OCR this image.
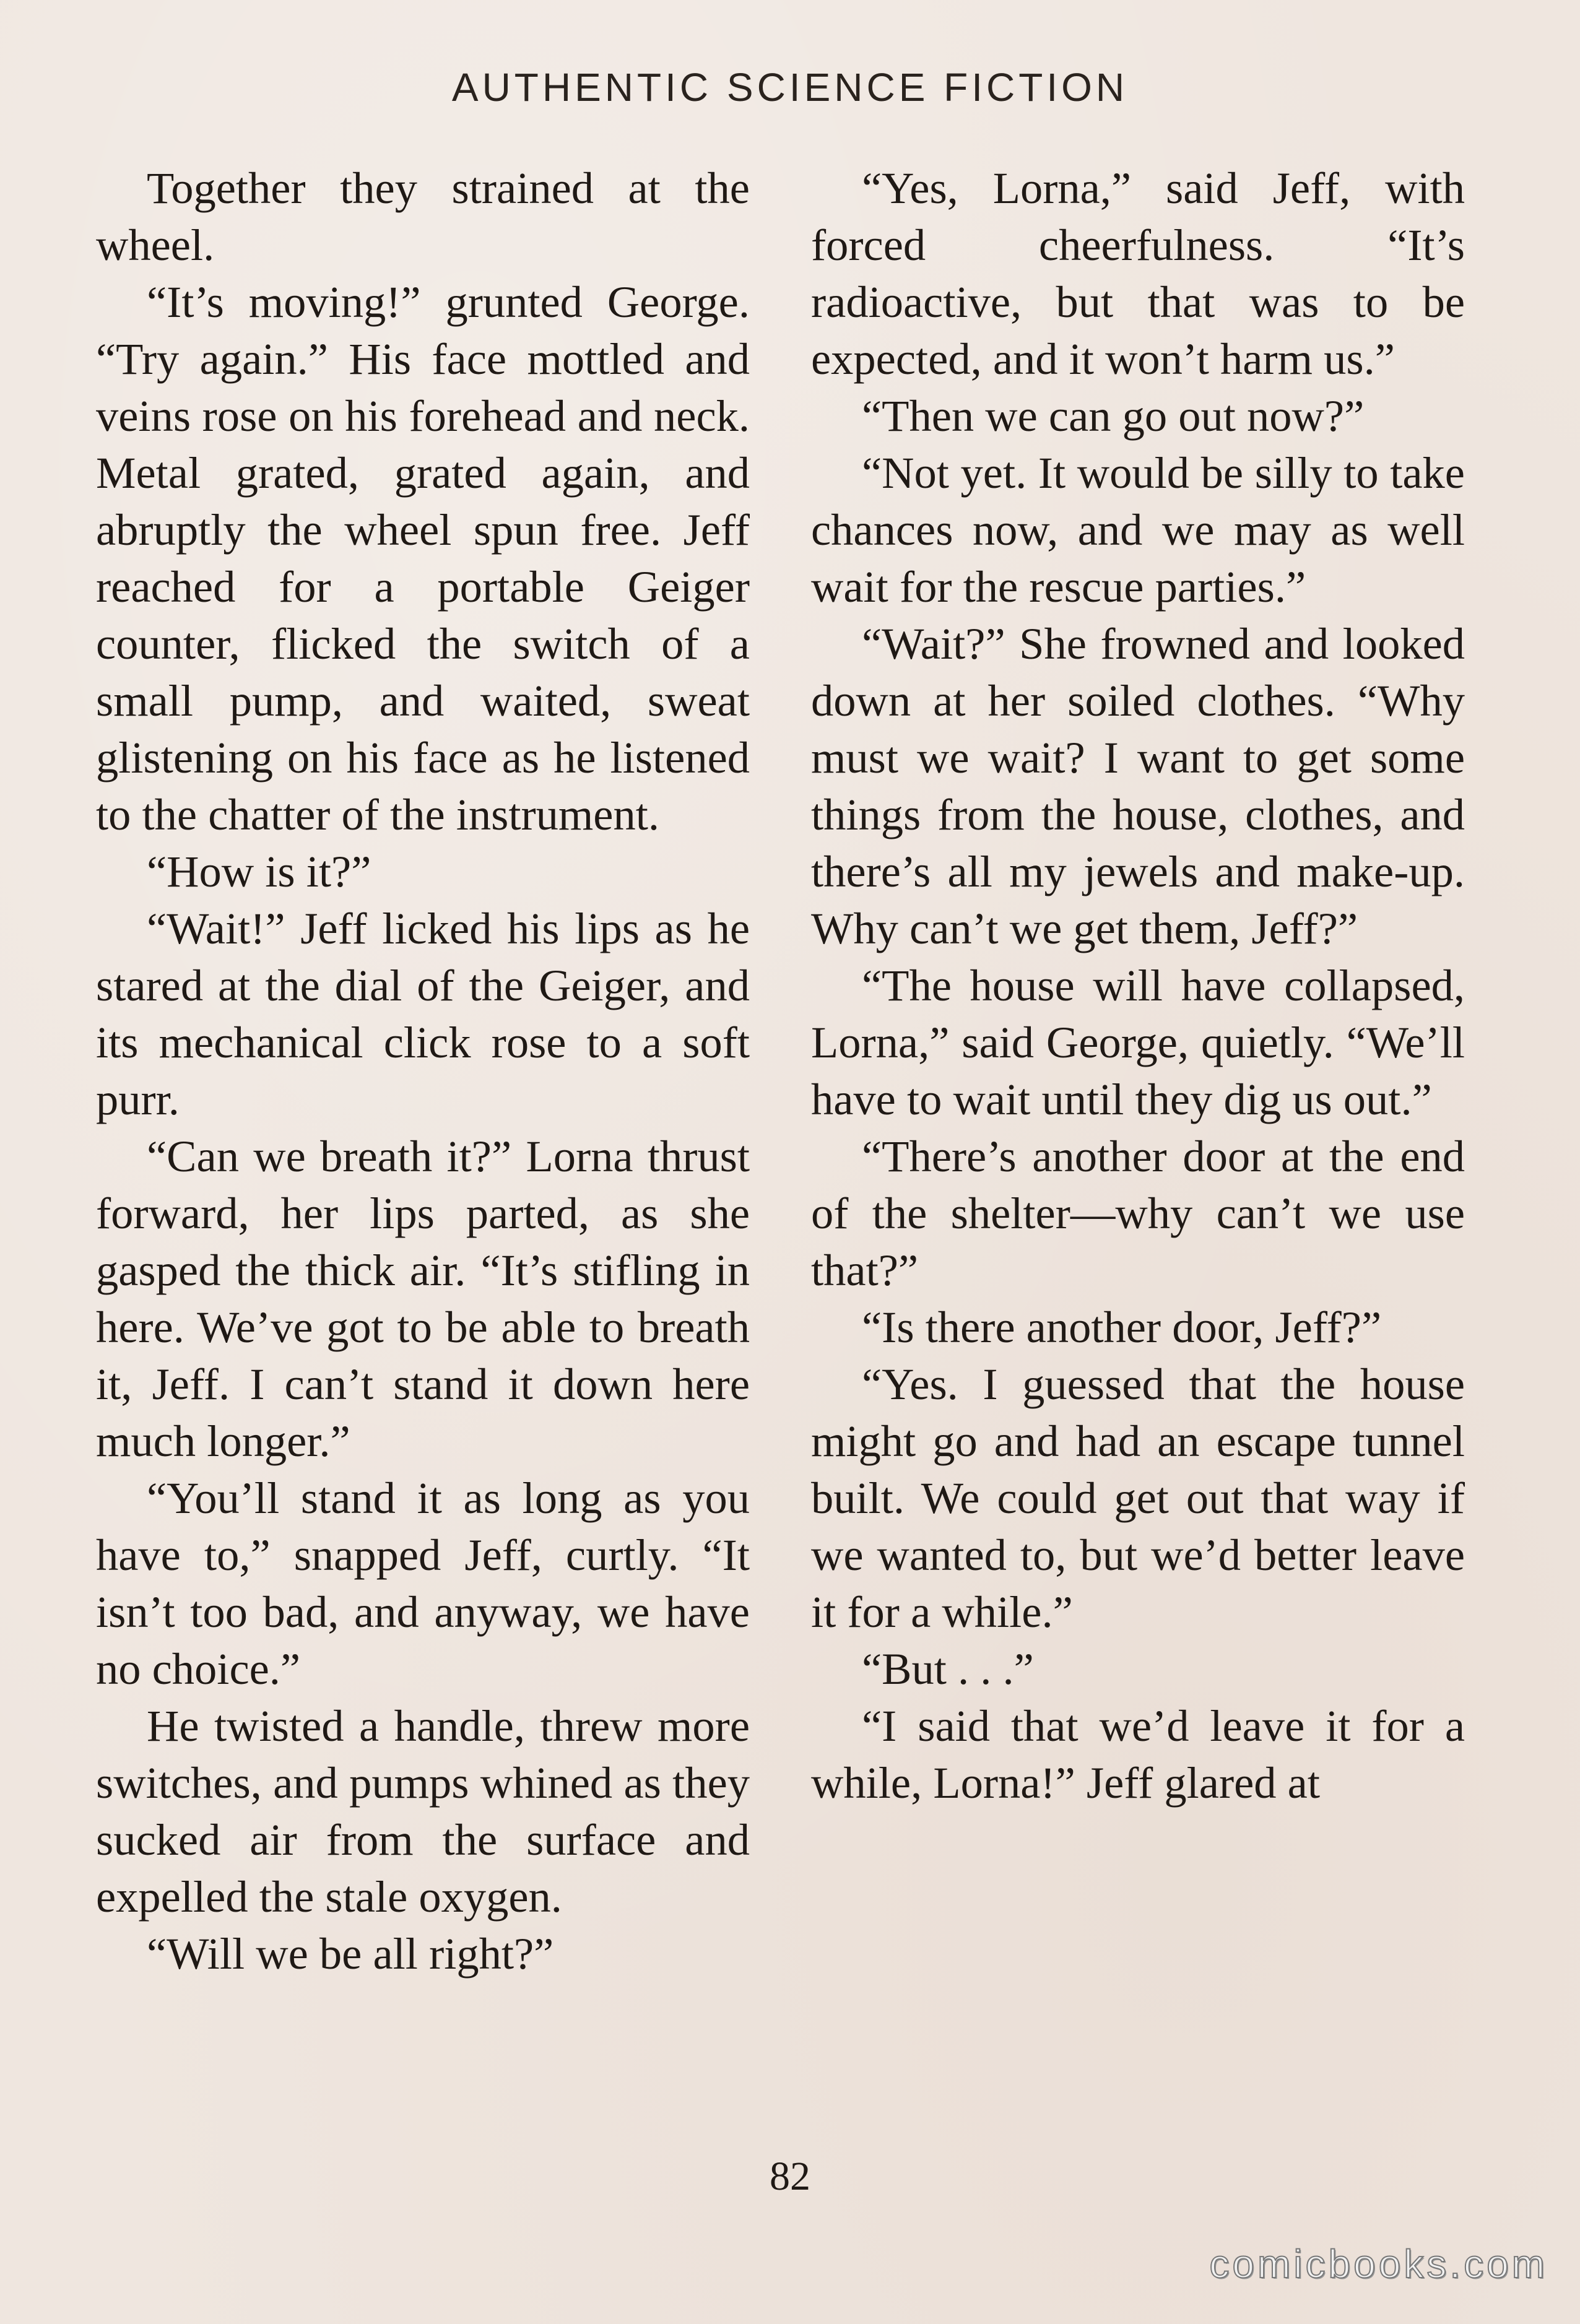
AUTHENTIC SCIENCE FICTION

Together they strained at the wheel.

“It’s moving!” grunted George. “Try again.” His face mottled and veins rose on his forehead and neck. Metal grated, grated again, and abruptly the wheel spun free. Jeff reached for a portable Geiger counter, flicked the switch of a small pump, and waited, sweat glistening on his face as he listened to the chatter of the instrument.

“How is it?”

“Wait!” Jeff licked his lips as he stared at the dial of the Geiger, and its mechanical click rose to a soft purr.

“Can we breath it?” Lorna thrust forward, her lips parted, as she gasped the thick air. “It’s stifling in here. We’ve got to be able to breath it, Jeff. I can’t stand it down here much longer.”

“You’ll stand it as long as you have to,” snapped Jeff, curtly. “It isn’t too bad, and anyway, we have no choice.”

He twisted a handle, threw more switches, and pumps whined as they sucked air from the surface and expelled the stale oxygen.

“Will we be all right?”

“Yes, Lorna,” said Jeff, with forced cheerfulness. “It’s radioactive, but that was to be expected, and it won’t harm us.”

“Then we can go out now?”

“Not yet. It would be silly to take chances now, and we may as well wait for the rescue parties.”

“Wait?” She frowned and looked down at her soiled clothes. “Why must we wait? I want to get some things from the house, clothes, and there’s all my jewels and make-up. Why can’t we get them, Jeff?”

“The house will have collapsed, Lorna,” said George, quietly. “We’ll have to wait until they dig us out.”

“There’s another door at the end of the shelter—why can’t we use that?”

“Is there another door, Jeff?”

“Yes. I guessed that the house might go and had an escape tunnel built. We could get out that way if we wanted to, but we’d better leave it for a while.”

“But . . .”

“I said that we’d leave it for a while, Lorna!” Jeff glared at

82
comicbooks.com
